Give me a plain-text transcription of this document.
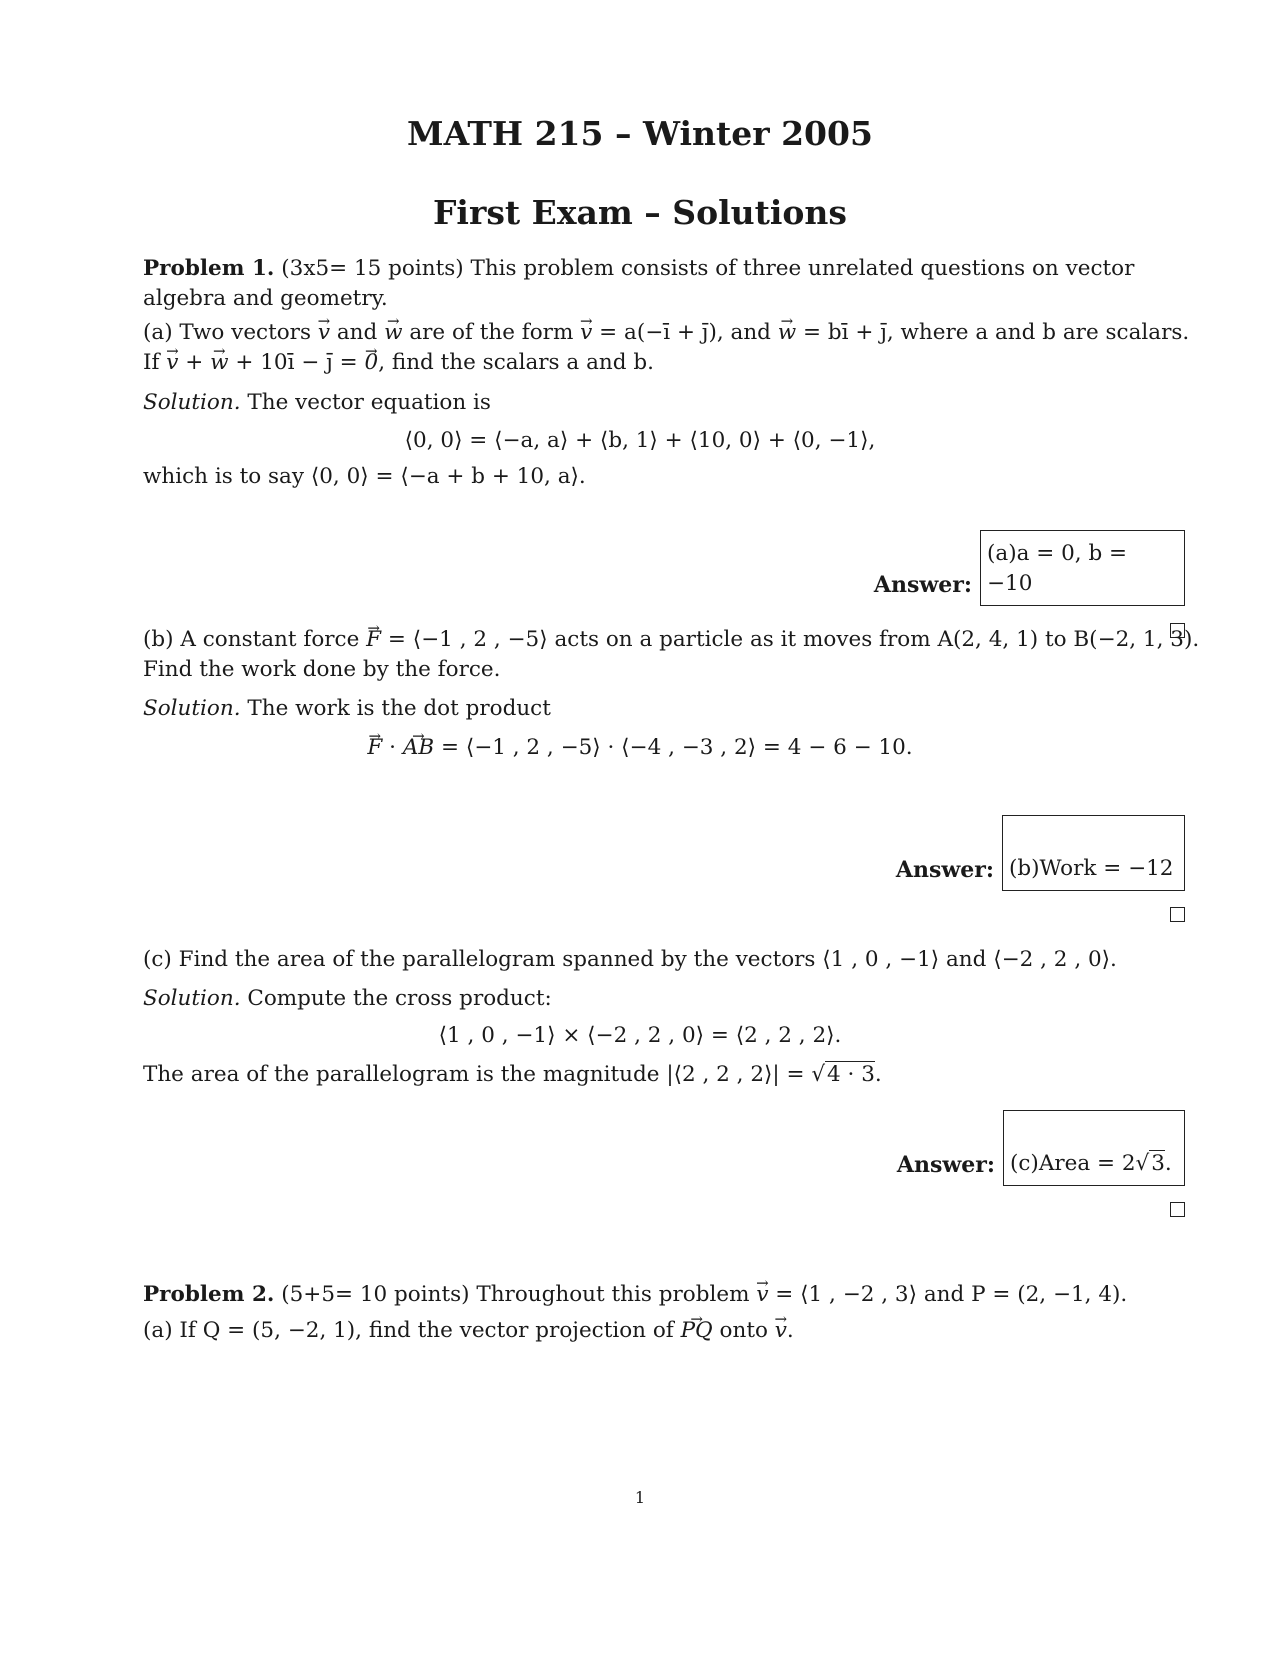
MATH 215 – Winter 2005
First Exam – Solutions
Problem 1. (3x5= 15 points) This problem consists of three unrelated questions on vector algebra and geometry.
(a) Two vectors → v and → w are of the form → v = a(−ī + j̄), and → w = bī + j̄, where a and b are scalars.
If → v + → w + 10ī − j̄ = → 0, find the scalars a and b.
Solution. The vector equation is
⟨0, 0⟩ = ⟨−a, a⟩ + ⟨b, 1⟩ + ⟨10, 0⟩ + ⟨0, −1⟩,
which is to say ⟨0, 0⟩ = ⟨−a + b + 10, a⟩.
Answer:
(a)a = 0, b = −10
(b) A constant force → F = ⟨−1 , 2 , −5⟩ acts on a particle as it moves from A(2, 4, 1) to B(−2, 1, 3).
Find the work done by the force.
Solution. The work is the dot product
→ F · → AB = ⟨−1 , 2 , −5⟩ · ⟨−4 , −3 , 2⟩ = 4 − 6 − 10.
Answer: (b)Work = −12
(c) Find the area of the parallelogram spanned by the vectors ⟨1 , 0 , −1⟩ and ⟨−2 , 2 , 0⟩.
Solution. Compute the cross product:
⟨1 , 0 , −1⟩ × ⟨−2 , 2 , 0⟩ = ⟨2 , 2 , 2⟩.
The area of the parallelogram is the magnitude |⟨2 , 2 , 2⟩| = √4 · 3.
Answer: (c)Area = 2 √3 .
Problem 2. (5+5= 10 points) Throughout this problem → v = ⟨1 , −2 , 3⟩ and P = (2, −1, 4).
(a) If Q = (5, −2, 1), find the vector projection of → PQ onto → v.
1
